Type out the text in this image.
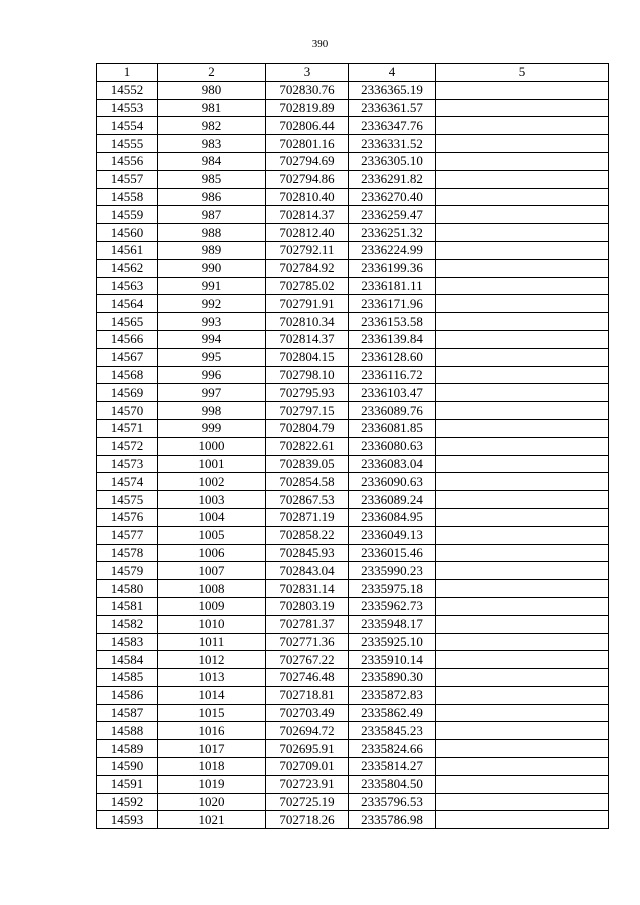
390
1	2	3	4	5
14552	980	702830.76	2336365.19	
14553	981	702819.89	2336361.57	
14554	982	702806.44	2336347.76	
14555	983	702801.16	2336331.52	
14556	984	702794.69	2336305.10	
14557	985	702794.86	2336291.82	
14558	986	702810.40	2336270.40	
14559	987	702814.37	2336259.47	
14560	988	702812.40	2336251.32	
14561	989	702792.11	2336224.99	
14562	990	702784.92	2336199.36	
14563	991	702785.02	2336181.11	
14564	992	702791.91	2336171.96	
14565	993	702810.34	2336153.58	
14566	994	702814.37	2336139.84	
14567	995	702804.15	2336128.60	
14568	996	702798.10	2336116.72	
14569	997	702795.93	2336103.47	
14570	998	702797.15	2336089.76	
14571	999	702804.79	2336081.85	
14572	1000	702822.61	2336080.63	
14573	1001	702839.05	2336083.04	
14574	1002	702854.58	2336090.63	
14575	1003	702867.53	2336089.24	
14576	1004	702871.19	2336084.95	
14577	1005	702858.22	2336049.13	
14578	1006	702845.93	2336015.46	
14579	1007	702843.04	2335990.23	
14580	1008	702831.14	2335975.18	
14581	1009	702803.19	2335962.73	
14582	1010	702781.37	2335948.17	
14583	1011	702771.36	2335925.10	
14584	1012	702767.22	2335910.14	
14585	1013	702746.48	2335890.30	
14586	1014	702718.81	2335872.83	
14587	1015	702703.49	2335862.49	
14588	1016	702694.72	2335845.23	
14589	1017	702695.91	2335824.66	
14590	1018	702709.01	2335814.27	
14591	1019	702723.91	2335804.50	
14592	1020	702725.19	2335796.53	
14593	1021	702718.26	2335786.98	
